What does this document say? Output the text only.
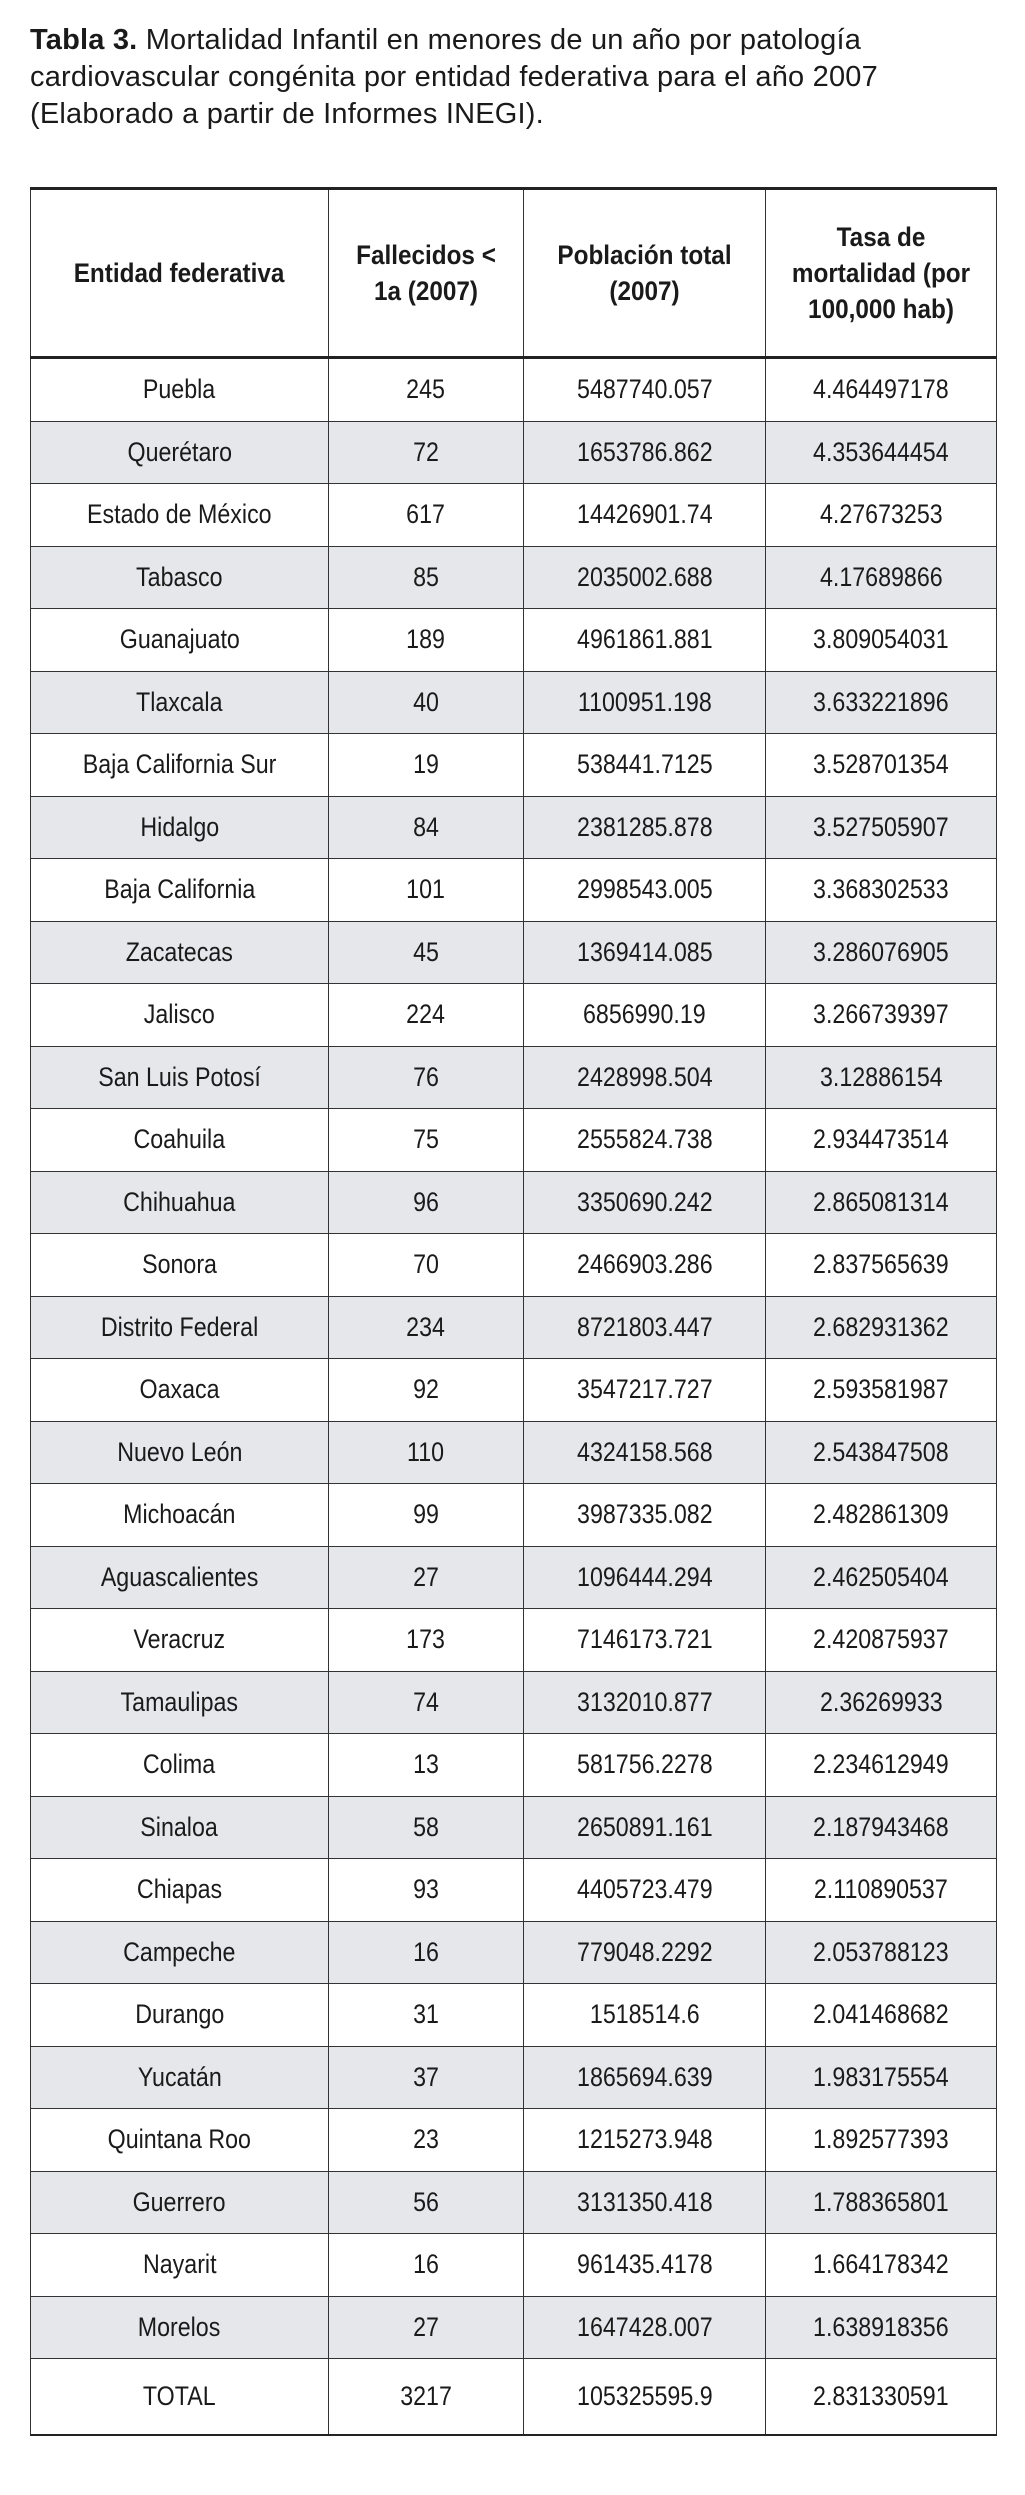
Tabla 3. Mortalidad Infantil en menores de un año por patología cardiovascular congénita por entidad federativa para el año 2007 (Elaborado a partir de Informes INEGI).
Entidad federativa	Fallecidos < 1a (2007)	Población total (2007)	Tasa de mortalidad (por 100,000 hab)
Puebla	245	5487740.057	4.464497178
Querétaro	72	1653786.862	4.353644454
Estado de México	617	14426901.74	4.27673253
Tabasco	85	2035002.688	4.17689866
Guanajuato	189	4961861.881	3.809054031
Tlaxcala	40	1100951.198	3.633221896
Baja California Sur	19	538441.7125	3.528701354
Hidalgo	84	2381285.878	3.527505907
Baja California	101	2998543.005	3.368302533
Zacatecas	45	1369414.085	3.286076905
Jalisco	224	6856990.19	3.266739397
San Luis Potosí	76	2428998.504	3.12886154
Coahuila	75	2555824.738	2.934473514
Chihuahua	96	3350690.242	2.865081314
Sonora	70	2466903.286	2.837565639
Distrito Federal	234	8721803.447	2.682931362
Oaxaca	92	3547217.727	2.593581987
Nuevo León	110	4324158.568	2.543847508
Michoacán	99	3987335.082	2.482861309
Aguascalientes	27	1096444.294	2.462505404
Veracruz	173	7146173.721	2.420875937
Tamaulipas	74	3132010.877	2.36269933
Colima	13	581756.2278	2.234612949
Sinaloa	58	2650891.161	2.187943468
Chiapas	93	4405723.479	2.110890537
Campeche	16	779048.2292	2.053788123
Durango	31	1518514.6	2.041468682
Yucatán	37	1865694.639	1.983175554
Quintana Roo	23	1215273.948	1.892577393
Guerrero	56	3131350.418	1.788365801
Nayarit	16	961435.4178	1.664178342
Morelos	27	1647428.007	1.638918356
TOTAL	3217	105325595.9	2.831330591
